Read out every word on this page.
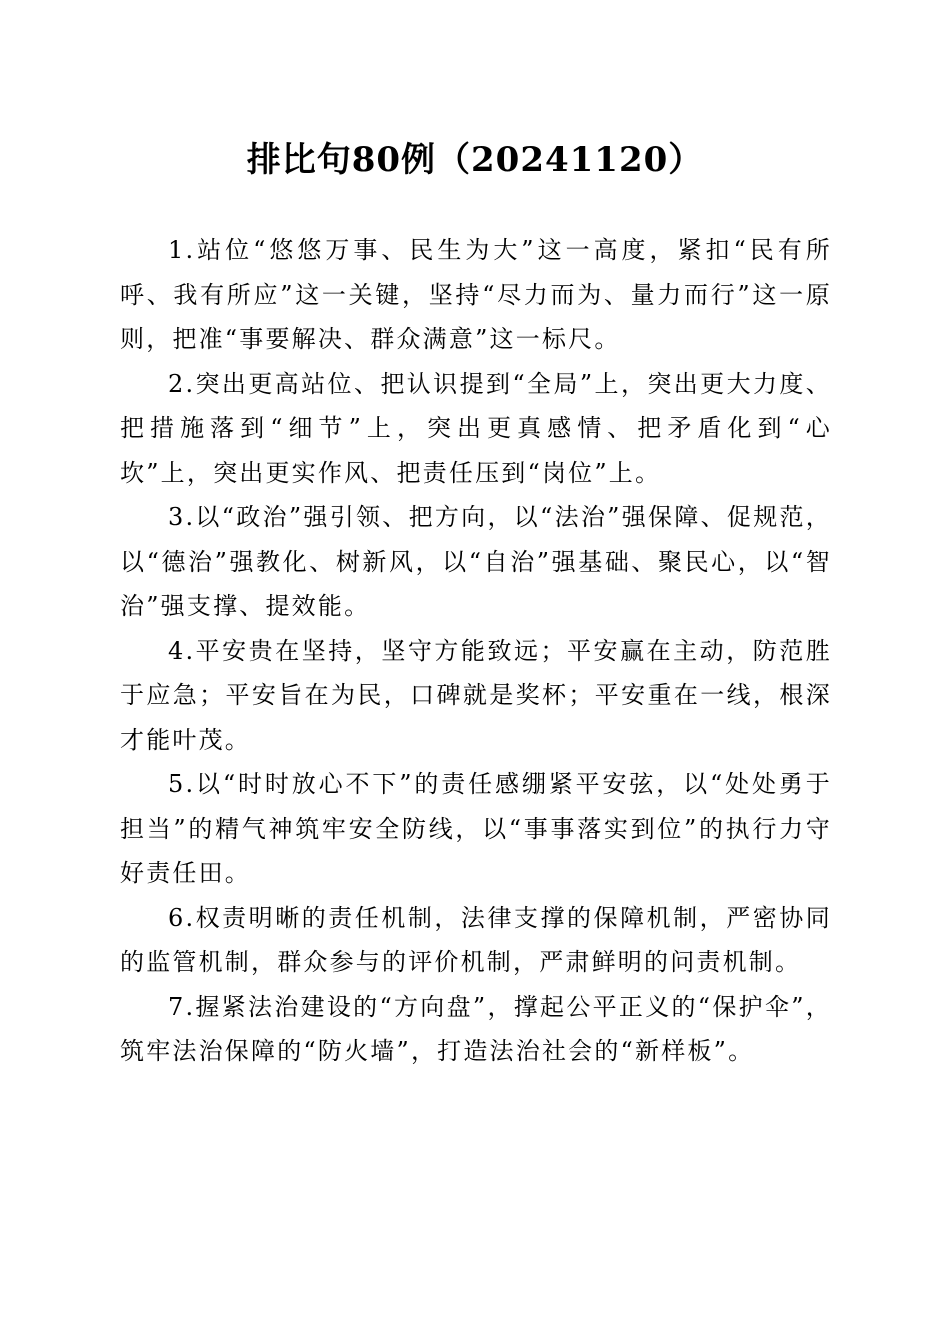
排比句80例（20241120）

1.站位“悠悠万事、民生为大”这一高度，紧扣“民有所呼、我有所应”这一关键，坚持“尽力而为、量力而行”这一原则，把准“事要解决、群众满意”这一标尺。

2.突出更高站位、把认识提到“全局”上，突出更大力度、把措施落到“细节”上，突出更真感情、把矛盾化到“心坎”上，突出更实作风、把责任压到“岗位”上。

3.以“政治”强引领、把方向，以“法治”强保障、促规范，以“德治”强教化、树新风，以“自治”强基础、聚民心，以“智治”强支撑、提效能。

4.平安贵在坚持，坚守方能致远；平安赢在主动，防范胜于应急；平安旨在为民，口碑就是奖杯；平安重在一线，根深才能叶茂。

5.以“时时放心不下”的责任感绷紧平安弦，以“处处勇于担当”的精气神筑牢安全防线，以“事事落实到位”的执行力守好责任田。

6.权责明晰的责任机制，法律支撑的保障机制，严密协同的监管机制，群众参与的评价机制，严肃鲜明的问责机制。

7.握紧法治建设的“方向盘”，撑起公平正义的“保护伞”，筑牢法治保障的“防火墙”，打造法治社会的“新样板”。
